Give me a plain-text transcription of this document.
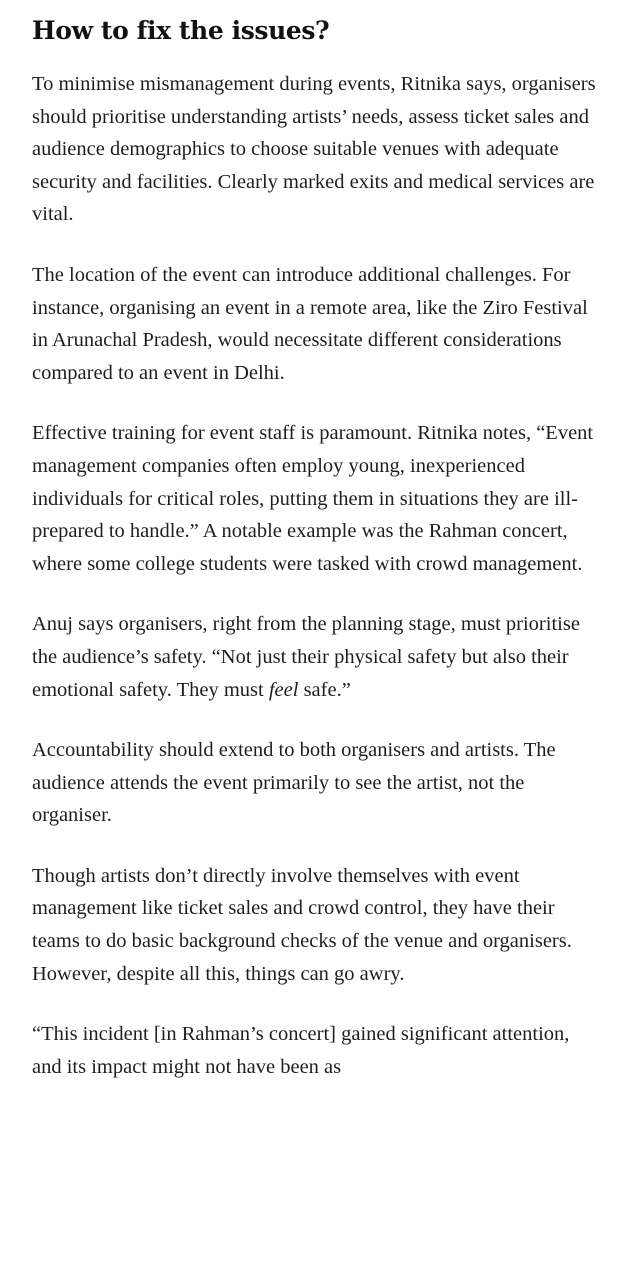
How to fix the issues?

To minimise mismanagement during events, Ritnika says, organisers should prioritise understanding artists’ needs, assess ticket sales and audience demographics to choose suitable venues with adequate security and facilities. Clearly marked exits and medical services are vital.

The location of the event can introduce additional challenges. For instance, organising an event in a remote area, like the Ziro Festival in Arunachal Pradesh, would necessitate different considerations compared to an event in Delhi.

Effective training for event staff is paramount. Ritnika notes, “Event management companies often employ young, inexperienced individuals for critical roles, putting them in situations they are ill-prepared to handle.” A notable example was the Rahman concert, where some college students were tasked with crowd management.

Anuj says organisers, right from the planning stage, must prioritise the audience’s safety. “Not just their physical safety but also their emotional safety. They must feel safe.”

Accountability should extend to both organisers and artists. The audience attends the event primarily to see the artist, not the organiser.

Though artists don’t directly involve themselves with event management like ticket sales and crowd control, they have their teams to do basic background checks of the venue and organisers. However, despite all this, things can go awry.

“This incident [in Rahman’s concert] gained significant attention, and its impact might not have been as
